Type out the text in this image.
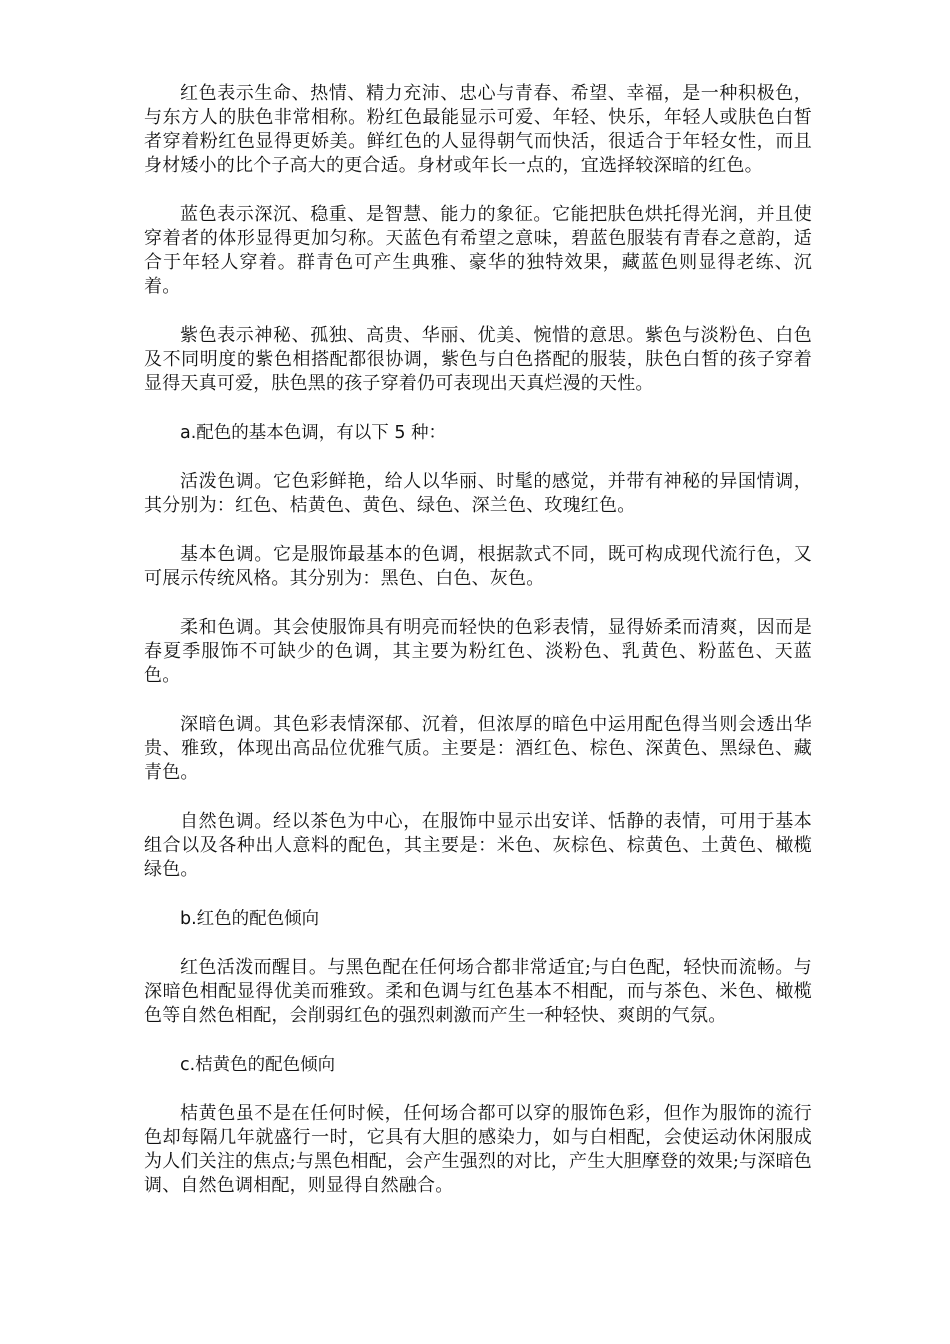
红色表示生命、热情、精力充沛、忠心与青春、希望、幸福，是一种积极色，与东方人的肤色非常相称。粉红色最能显示可爱、年轻、快乐，年轻人或肤色白皙者穿着粉红色显得更娇美。鲜红色的人显得朝气而快活，很适合于年轻女性，而且身材矮小的比个子高大的更合适。身材或年长一点的，宜选择较深暗的红色。

蓝色表示深沉、稳重、是智慧、能力的象征。它能把肤色烘托得光润，并且使穿着者的体形显得更加匀称。天蓝色有希望之意味，碧蓝色服装有青春之意韵，适合于年轻人穿着。群青色可产生典雅、豪华的独特效果，藏蓝色则显得老练、沉着。

紫色表示神秘、孤独、高贵、华丽、优美、惋惜的意思。紫色与淡粉色、白色及不同明度的紫色相搭配都很协调，紫色与白色搭配的服装，肤色白皙的孩子穿着显得天真可爱，肤色黑的孩子穿着仍可表现出天真烂漫的天性。

a.配色的基本色调，有以下 5 种：

活泼色调。它色彩鲜艳，给人以华丽、时髦的感觉，并带有神秘的异国情调，其分别为：红色、桔黄色、黄色、绿色、深兰色、玫瑰红色。

基本色调。它是服饰最基本的色调，根据款式不同，既可构成现代流行色，又可展示传统风格。其分别为：黑色、白色、灰色。

柔和色调。其会使服饰具有明亮而轻快的色彩表情，显得娇柔而清爽，因而是春夏季服饰不可缺少的色调，其主要为粉红色、淡粉色、乳黄色、粉蓝色、天蓝色。

深暗色调。其色彩表情深郁、沉着，但浓厚的暗色中运用配色得当则会透出华贵、雅致，体现出高品位优雅气质。主要是：酒红色、棕色、深黄色、黑绿色、藏青色。

自然色调。经以茶色为中心，在服饰中显示出安详、恬静的表情，可用于基本组合以及各种出人意料的配色，其主要是：米色、灰棕色、棕黄色、土黄色、橄榄绿色。

b.红色的配色倾向

红色活泼而醒目。与黑色配在任何场合都非常适宜;与白色配，轻快而流畅。与深暗色相配显得优美而雅致。柔和色调与红色基本不相配，而与茶色、米色、橄榄色等自然色相配，会削弱红色的强烈刺激而产生一种轻快、爽朗的气氛。

c.桔黄色的配色倾向

桔黄色虽不是在任何时候，任何场合都可以穿的服饰色彩，但作为服饰的流行色却每隔几年就盛行一时，它具有大胆的感染力，如与白相配，会使运动休闲服成为人们关注的焦点;与黑色相配，会产生强烈的对比，产生大胆摩登的效果;与深暗色调、自然色调相配，则显得自然融合。
